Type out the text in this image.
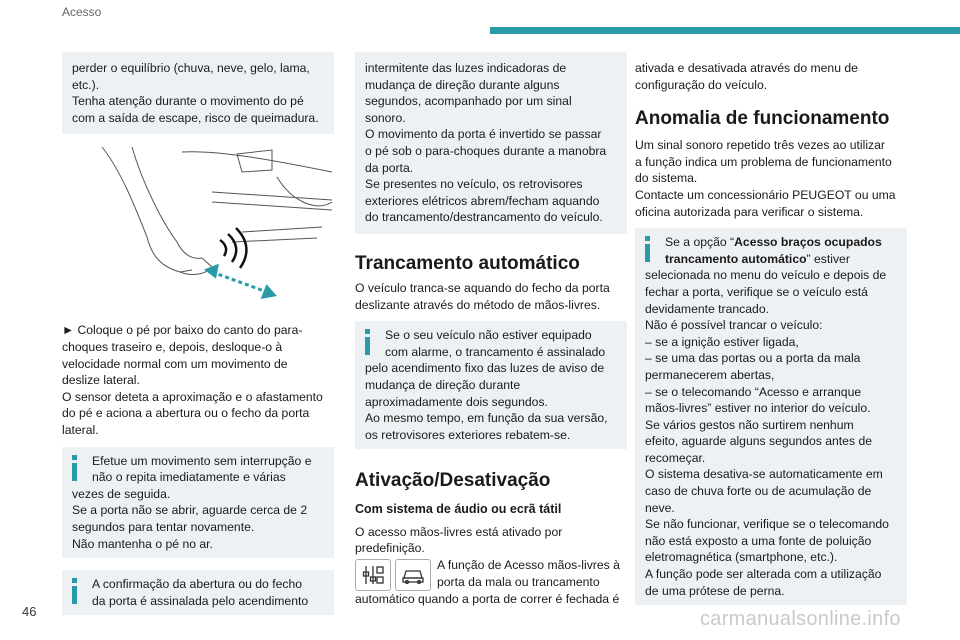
Acesso

perder o equilíbrio (chuva, neve, gelo, lama,

etc.).

Tenha atenção durante o movimento do pé

com a saída de escape, risco de queimadura.

► Coloque o pé por baixo do canto do para-

choques traseiro e, depois, desloque-o à

velocidade normal com um movimento de

deslize lateral.

O sensor deteta a aproximação e o afastamento

do pé e aciona a abertura ou o fecho da porta

lateral.

Efetue um movimento sem interrupção e

não o repita imediatamente e várias

vezes de seguida.

Se a porta não se abrir, aguarde cerca de 2

segundos para tentar novamente.

Não mantenha o pé no ar.

A confirmação da abertura ou do fecho

da porta é assinalada pelo acendimento

intermitente das luzes indicadoras de

mudança de direção durante alguns

segundos, acompanhado por um sinal

sonoro.

O movimento da porta é invertido se passar

o pé sob o para-choques durante a manobra

da porta.

Se presentes no veículo, os retrovisores

exteriores elétricos abrem/fecham aquando

do trancamento/destrancamento do veículo.

Trancamento automático

O veículo tranca-se aquando do fecho da porta

deslizante através do método de mãos-livres.

Se o seu veículo não estiver equipado

com alarme, o trancamento é assinalado

pelo acendimento fixo das luzes de aviso de

mudança de direção durante

aproximadamente dois segundos.

Ao mesmo tempo, em função da sua versão,

os retrovisores exteriores rebatem-se.

Ativação/Desativação
Com sistema de áudio ou ecrã tátil

O acesso mãos-livres está ativado por

predefinição.

A função de Acesso mãos-livres à

porta da mala ou trancamento

automático quando a porta de correr é fechada é

ativada e desativada através do menu de

configuração do veículo.

Anomalia de funcionamento

Um sinal sonoro repetido três vezes ao utilizar

a função indica um problema de funcionamento

do sistema.

Contacte um concessionário PEUGEOT ou uma

oficina autorizada para verificar o sistema.

Se a opção “Acesso braços ocupados

trancamento automático” estiver

selecionada no menu do veículo e depois de

fechar a porta, verifique se o veículo está

devidamente trancado.

Não é possível trancar o veículo:

– se a ignição estiver ligada,

– se uma das portas ou a porta da mala

permanecerem abertas,

– se o telecomando “Acesso e arranque

mãos-livres” estiver no interior do veículo.

Se vários gestos não surtirem nenhum

efeito, aguarde alguns segundos antes de

recomeçar.

O sistema desativa-se automaticamente em

caso de chuva forte ou de acumulação de

neve.

Se não funcionar, verifique se o telecomando

não está exposto a uma fonte de poluição

eletromagnética (smartphone, etc.).

A função pode ser alterada com a utilização

de uma prótese de perna.

46	carmanualsonline.info
